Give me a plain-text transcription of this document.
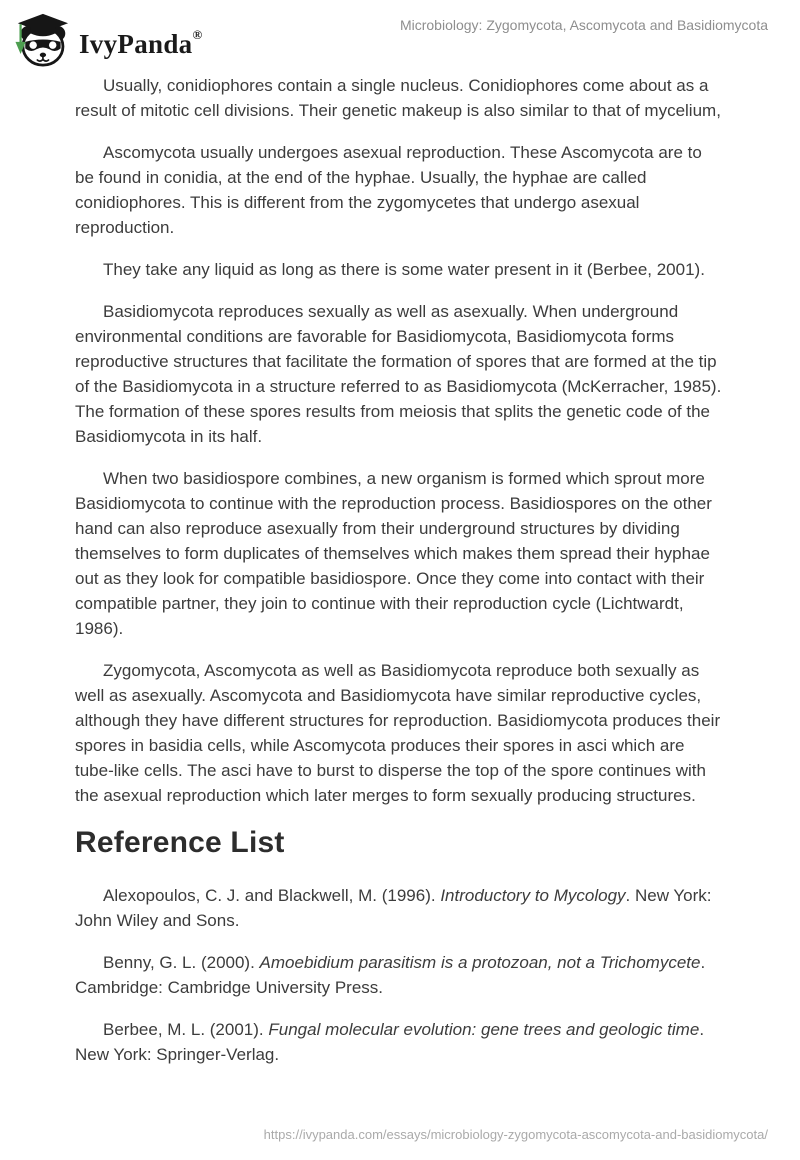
IvyPanda®
Microbiology: Zygomycota, Ascomycota and Basidiomycota

Usually, conidiophores contain a single nucleus. Conidiophores come about as a result of mitotic cell divisions. Their genetic makeup is also similar to that of mycelium,

Ascomycota usually undergoes asexual reproduction. These Ascomycota are to be found in conidia, at the end of the hyphae. Usually, the hyphae are called conidiophores. This is different from the zygomycetes that undergo asexual reproduction.

They take any liquid as long as there is some water present in it (Berbee, 2001).

Basidiomycota reproduces sexually as well as asexually. When underground environmental conditions are favorable for Basidiomycota, Basidiomycota forms reproductive structures that facilitate the formation of spores that are formed at the tip of the Basidiomycota in a structure referred to as Basidiomycota (McKerracher, 1985). The formation of these spores results from meiosis that splits the genetic code of the Basidiomycota in its half.

When two basidiospore combines, a new organism is formed which sprout more Basidiomycota to continue with the reproduction process. Basidiospores on the other hand can also reproduce asexually from their underground structures by dividing themselves to form duplicates of themselves which makes them spread their hyphae out as they look for compatible basidiospore. Once they come into contact with their compatible partner, they join to continue with their reproduction cycle (Lichtwardt, 1986).

Zygomycota, Ascomycota as well as Basidiomycota reproduce both sexually as well as asexually. Ascomycota and Basidiomycota have similar reproductive cycles, although they have different structures for reproduction. Basidiomycota produces their spores in basidia cells, while Ascomycota produces their spores in asci which are tube-like cells. The asci have to burst to disperse the top of the spore continues with the asexual reproduction which later merges to form sexually producing structures.

Reference List

Alexopoulos, C. J. and Blackwell, M. (1996). Introductory to Mycology. New York: John Wiley and Sons.

Benny, G. L. (2000). Amoebidium parasitism is a protozoan, not a Trichomycete. Cambridge: Cambridge University Press.

Berbee, M. L. (2001). Fungal molecular evolution: gene trees and geologic time. New York: Springer-Verlag.

https://ivypanda.com/essays/microbiology-zygomycota-ascomycota-and-basidiomycota/
